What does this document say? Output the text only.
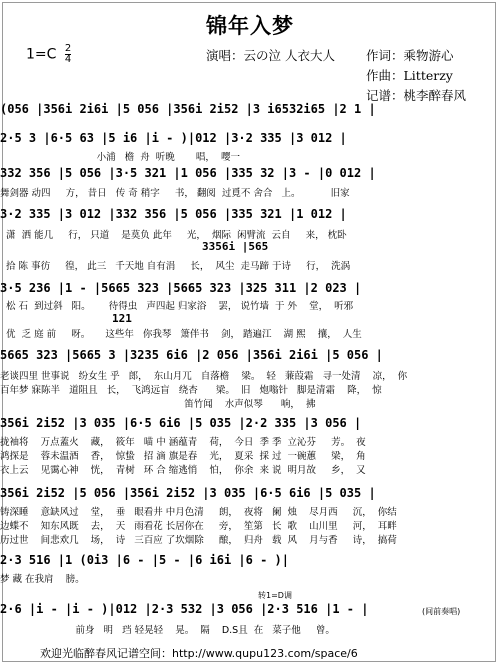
锦年入梦
$1=C \frac{2}{4}$	演唱：云の泣 人衣大人 作词：乘物游心
作曲：Litterzy
记谱：桃李醉春风
(056 |356i 2i6i |5 056 |356i 2i52 |3 i6532i65 |2 1 |
2·5 3 |6·5 63 |5 i6 |i - )|012 |3·2 335 |3 012 |
小浦   檐  舟  听晚       唱，  嘤一
332 356 |5 056 |3·5 321 |1 056 |335 32 |3 - |0 012 |
舞剑器 动四     方， 昔日   传 奇 稍字     书， 翻阅  过覓不 舍合   上。          旧家
3·2 335 |3 012 |332 356 |5 056 |335 321 |1 012 |
潇  洒 能几     行， 只道    是莫负 此年     光，  烟际  闲臂流  云自     来， 枕卧
3356i |565
拾 陈 事彷     徨， 此三   千天地 自有涓     长，  风尘  走马蹄 于诗     行，  洗涡
3·5 236 |1 - |5665 323 |5665 323 |325 311 |2 023 |
松 石  到过斜   阳。      待得虫   声四起 归家浴    罢， 说竹墙  于 外    堂，  听邪
121
优  乏 庭 前     呀。     这些年   你我琴   箫伴书    剑， 踏遍江    湖 熙    攘，  人生
5665 323 |5665 3 |3235 6i6 |2 056 |356i 2i6i |5 056 |
老谈四里 世事说   纷女生 乎   郎，  东山月兀   自落檐    梁。  轻   蒹葭霜   寻一处清    凉，  你
百年梦 寐陈半   道阻且   长，  飞鸿远盲   绕杏      梁。  旧   炮嗡针   脚是清霜    降，  惊
笛竹闻    水声似琴      响，  拂
356i 2i52 |3 035 |6·5 6i6 |5 035 |2·2 335 |3 056 |
拢袖将    万点蓋火    藏，  筱年   喵 中 涵蕴青    荷，  今日  季 季  立沁芬     芳。  夜
鸿探是    蓉未温酒    香，  惊蛰   招 滴 旗是春    光，  夏采  採 过  一碗蕙     梁，  角
衣上云    见霭心神    恍，  青树   环 合 缩逃悄    怕，  你余  来 说  明月故     乡，  又
356i 2i52 |5 056 |356i 2i52 |3 035 |6·5 6i6 |5 035 |
铸深睡    意缺风过    堂，  垂   眼看井 中月色清     朗，  夜将   阑  烛    尽月西     沉，  你结
边蝶不    知东风既    去，  天   雨看花 长居你在     旁，  笙第   长  歌    山川里     河，  耳畔
历过世    间悲欢几    场，  诗   三百应 了坎烟除     酿，  归舟   载  风    月与香     诗，  搞荷
2·3 516 |1 (0i3 |6 - |5 - |6 i6i |6 - )|
梦 藏 在我肩    膀。
转1=D调
2·6 |i - |i - )|012 |2·3 532 |3 056 |2·3 516 |1 - |	(间前奏唱)
前身   明   珰 轻晃轻    晃。  隔    D.S且  在   菜子他     曾。
欢迎光临醉春风记谱空间：http://www.qupu123.com/space/6
